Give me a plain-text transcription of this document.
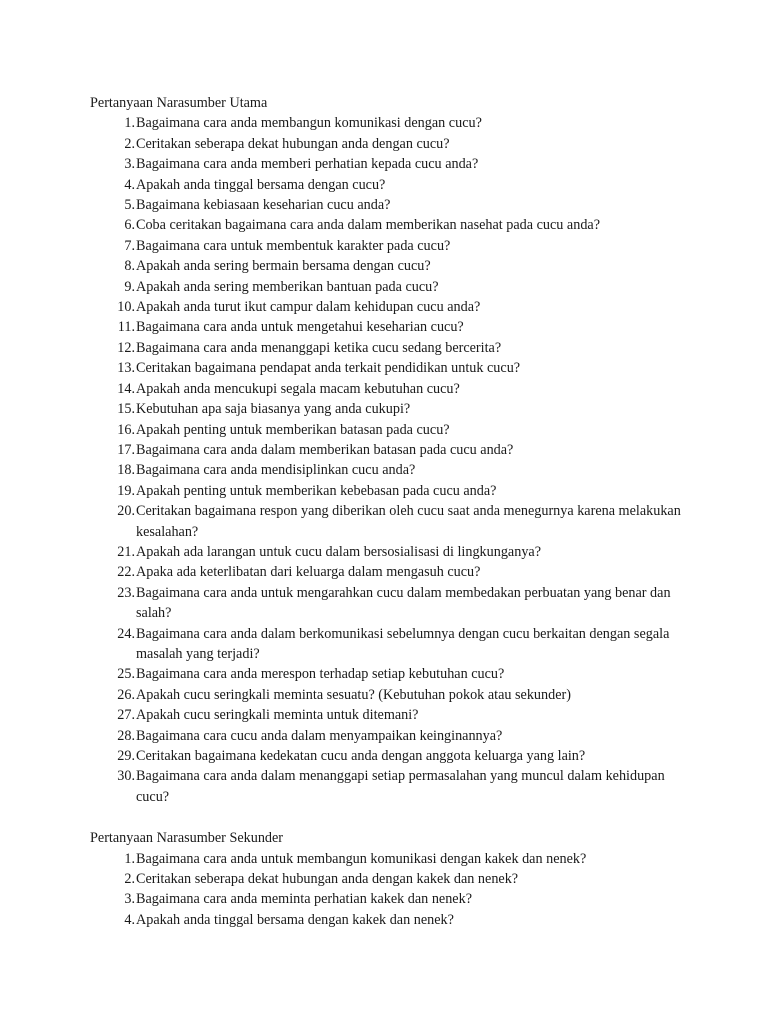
Pertanyaan Narasumber Utama

1. Bagaimana cara anda membangun komunikasi dengan cucu?
2. Ceritakan seberapa dekat hubungan anda dengan cucu?
3. Bagaimana cara anda memberi perhatian kepada cucu anda?
4. Apakah anda tinggal bersama dengan cucu?
5. Bagaimana kebiasaan keseharian cucu anda?
6. Coba ceritakan bagaimana cara anda dalam memberikan nasehat pada cucu anda?
7. Bagaimana cara untuk membentuk karakter pada cucu?
8. Apakah anda sering bermain bersama dengan cucu?
9. Apakah anda sering memberikan bantuan pada cucu?
10. Apakah anda turut ikut campur dalam kehidupan cucu anda?
11. Bagaimana cara anda untuk mengetahui keseharian cucu?
12. Bagaimana cara anda menanggapi ketika cucu sedang bercerita?
13. Ceritakan bagaimana pendapat anda terkait pendidikan untuk cucu?
14. Apakah anda mencukupi segala macam kebutuhan cucu?
15. Kebutuhan apa saja biasanya yang anda cukupi?
16. Apakah penting untuk memberikan batasan pada cucu?
17. Bagaimana cara anda dalam memberikan batasan pada cucu anda?
18. Bagaimana cara anda mendisiplinkan cucu anda?
19. Apakah penting untuk memberikan kebebasan pada cucu anda?
20. Ceritakan bagaimana respon yang diberikan oleh cucu saat anda menegurnya karena melakukan kesalahan?
21. Apakah ada larangan untuk cucu dalam bersosialisasi di lingkunganya?
22. Apaka ada keterlibatan dari keluarga dalam mengasuh cucu?
23. Bagaimana cara anda untuk mengarahkan cucu dalam membedakan perbuatan yang benar dan salah?
24. Bagaimana cara anda dalam berkomunikasi sebelumnya dengan cucu berkaitan dengan segala masalah yang terjadi?
25. Bagaimana cara anda merespon terhadap setiap kebutuhan cucu?
26. Apakah cucu seringkali meminta sesuatu? (Kebutuhan pokok atau sekunder)
27. Apakah cucu seringkali meminta untuk ditemani?
28. Bagaimana cara cucu anda dalam menyampaikan keinginannya?
29. Ceritakan bagaimana kedekatan cucu anda dengan anggota keluarga yang lain?
30. Bagaimana cara anda dalam menanggapi setiap permasalahan yang muncul dalam kehidupan cucu?

Pertanyaan Narasumber Sekunder

1. Bagaimana cara anda untuk membangun komunikasi dengan kakek dan nenek?
2. Ceritakan seberapa dekat hubungan anda dengan kakek dan nenek?
3. Bagaimana cara anda meminta perhatian kakek dan nenek?
4. Apakah anda tinggal bersama dengan kakek dan nenek?
